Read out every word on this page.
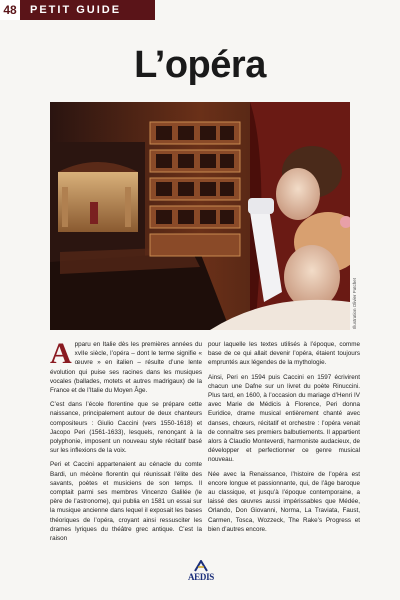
48	PETIT GUIDE
L’opéra
Illustration Olivier Patchet

Apparu en Italie dès les premières années du xvIIe siècle, l’opéra – dont le terme signifie « œuvre » en italien – résulte d’une lente évolution qui puise ses racines dans les musiques vocales (ballades, motets et autres madrigaux) de la France et de l’Italie du Moyen Âge.

C’est dans l’école florentine que se prépare cette naissance, principalement autour de deux chanteurs compositeurs : Giulio Caccini (vers 1550-1618) et Jacopo Peri (1561-1633), lesquels, renonçant à la polyphonie, imposent un nouveau style récitatif basé sur les inflexions de la voix.

Peri et Caccini appartenaient au cénacle du comte Bardi, un mécène florentin qui réunissait l’élite des savants, poètes et musiciens de son temps. Il comptait parmi ses membres Vincenzo Galilée (le père de l’astronome), qui publia en 1581 un essai sur la musique ancienne dans lequel il exposait les bases théoriques de l’opéra, croyant ainsi ressusciter les drames lyriques du théâtre grec antique. C’est la raison

pour laquelle les textes utilisés à l’époque, comme base de ce qui allait devenir l’opéra, étaient toujours empruntés aux légendes de la mythologie.

Ainsi, Peri en 1594 puis Caccini en 1597 écrivirent chacun une Dafne sur un livret du poète Rinuccini. Plus tard, en 1600, à l’occasion du mariage d’Henri IV avec Marie de Médicis à Florence, Peri donna Euridice, drame musical entièrement chanté avec danses, chœurs, récitatif et orchestre : l’opéra venait de connaître ses premiers balbutiements. Il appartient alors à Claudio Monteverdi, harmoniste audacieux, de développer et perfectionner ce genre musical nouveau.

Née avec la Renaissance, l’histoire de l’opéra est encore longue et passionnante, qui, de l’âge baroque au classique, et jusqu’à l’époque contemporaine, a laissé des œuvres aussi impérissables que Médée, Orlando, Don Giovanni, Norma, La Traviata, Faust, Carmen, Tosca, Wozzeck, The Rake’s Progress et bien d’autres encore.

AEDIS
